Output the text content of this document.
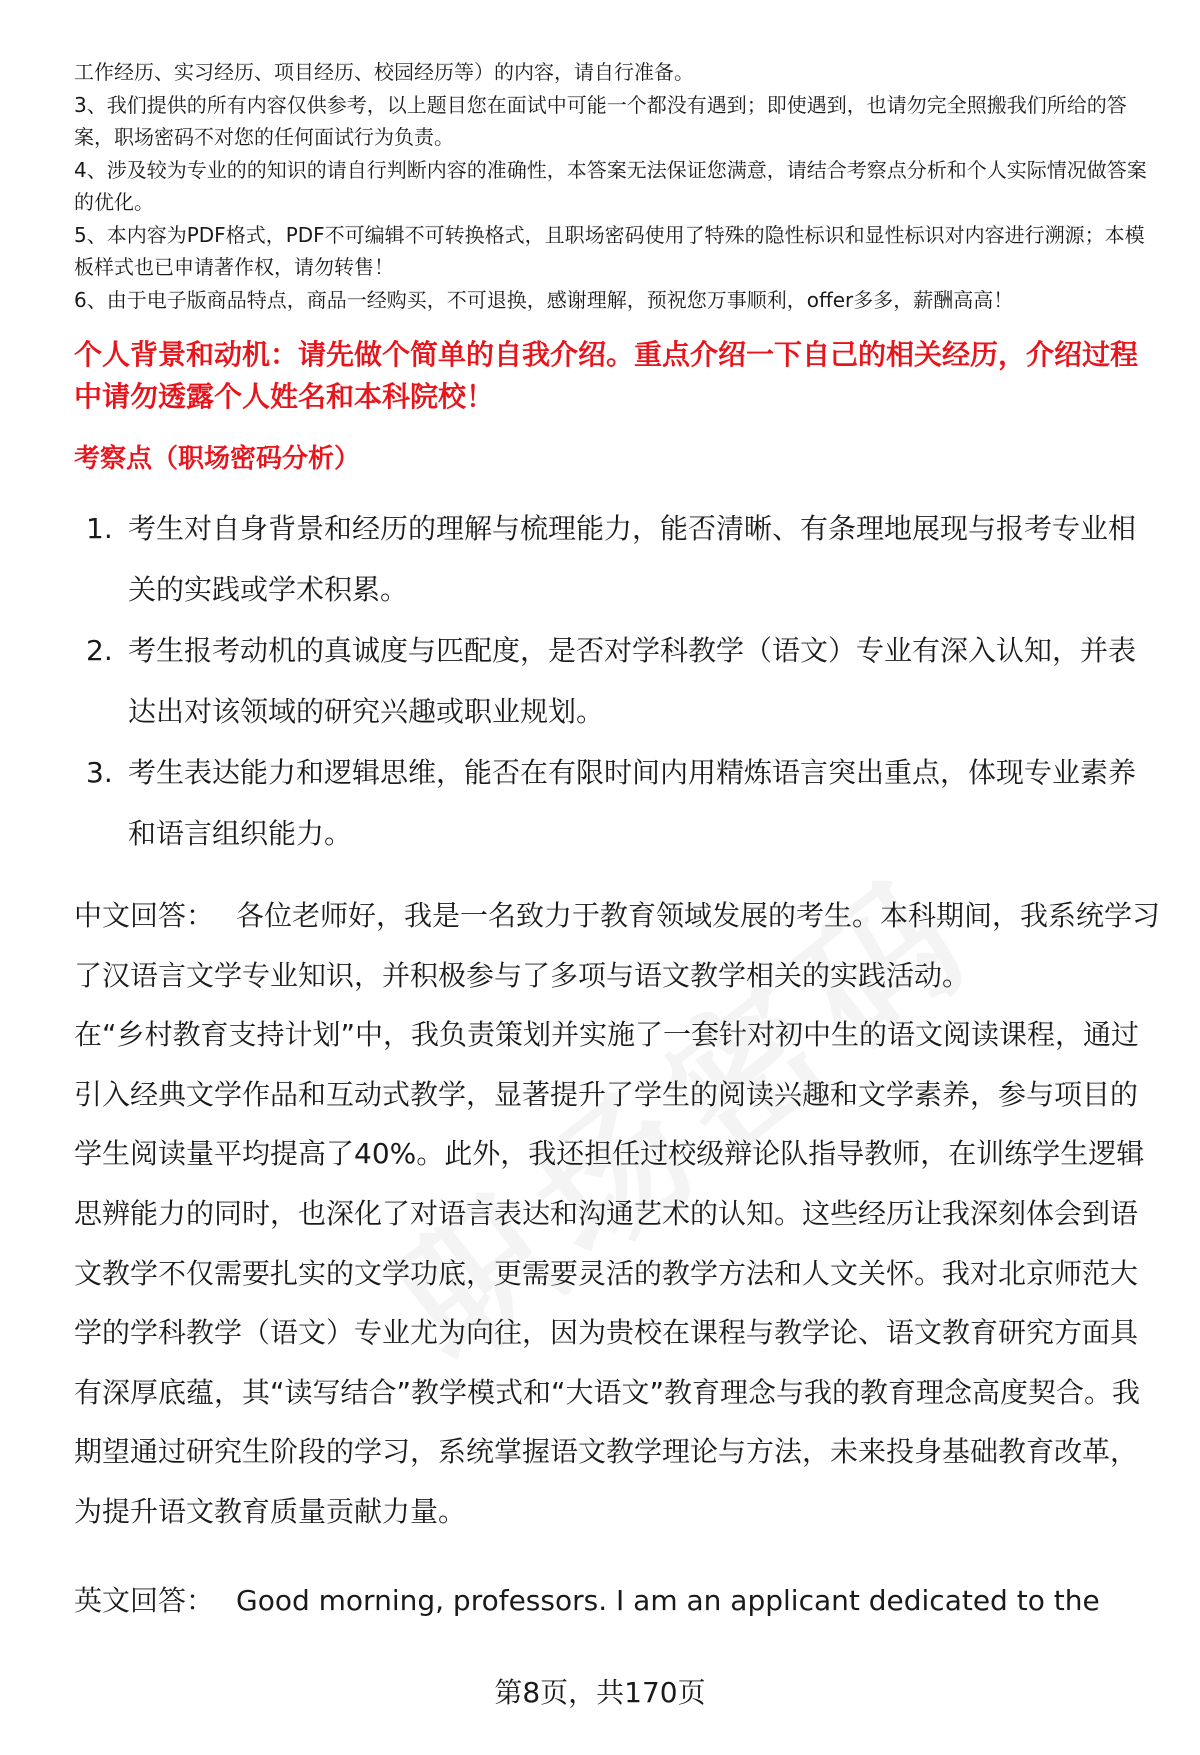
工作经历、实习经历、项目经历、校园经历等）的内容，请自行准备。

3、我们提供的所有内容仅供参考，以上题目您在面试中可能一个都没有遇到；即使遇到，也请勿完全照搬我们所给的答案，职场密码不对您的任何面试行为负责。

4、涉及较为专业的的知识的请自行判断内容的准确性，本答案无法保证您满意，请结合考察点分析和个人实际情况做答案的优化。

5、本内容为PDF格式，PDF不可编辑不可转换格式，且职场密码使用了特殊的隐性标识和显性标识对内容进行溯源；本模板样式也已申请著作权，请勿转售！

6、由于电子版商品特点，商品一经购买，不可退换，感谢理解，预祝您万事顺利，offer多多，薪酬高高！

个人背景和动机：请先做个简单的自我介绍。重点介绍一下自己的相关经历，介绍过程中请勿透露个人姓名和本科院校！
考察点（职场密码分析）
1. 考生对自身背景和经历的理解与梳理能力，能否清晰、有条理地展现与报考专业相关的实践或学术积累。
2. 考生报考动机的真诚度与匹配度，是否对学科教学（语文）专业有深入认知，并表达出对该领域的研究兴趣或职业规划。
3. 考生表达能力和逻辑思维，能否在有限时间内用精炼语言突出重点，体现专业素养和语言组织能力。

中文回答： 各位老师好，我是一名致力于教育领域发展的考生。本科期间，我系统学习了汉语言文学专业知识，并积极参与了多项与语文教学相关的实践活动。

在“乡村教育支持计划”中，我负责策划并实施了一套针对初中生的语文阅读课程，通过引入经典文学作品和互动式教学，显著提升了学生的阅读兴趣和文学素养，参与项目的学生阅读量平均提高了40%。此外，我还担任过校级辩论队指导教师，在训练学生逻辑思辨能力的同时，也深化了对语言表达和沟通艺术的认知。这些经历让我深刻体会到语文教学不仅需要扎实的文学功底，更需要灵活的教学方法和人文关怀。我对北京师范大学的学科教学（语文）专业尤为向往，因为贵校在课程与教学论、语文教育研究方面具有深厚底蕴，其“读写结合”教学模式和“大语文”教育理念与我的教育理念高度契合。我期望通过研究生阶段的学习，系统掌握语文教学理论与方法，未来投身基础教育改革，为提升语文教育质量贡献力量。

英文回答： Good morning, professors. I am an applicant dedicated to the
第8页，共170页
